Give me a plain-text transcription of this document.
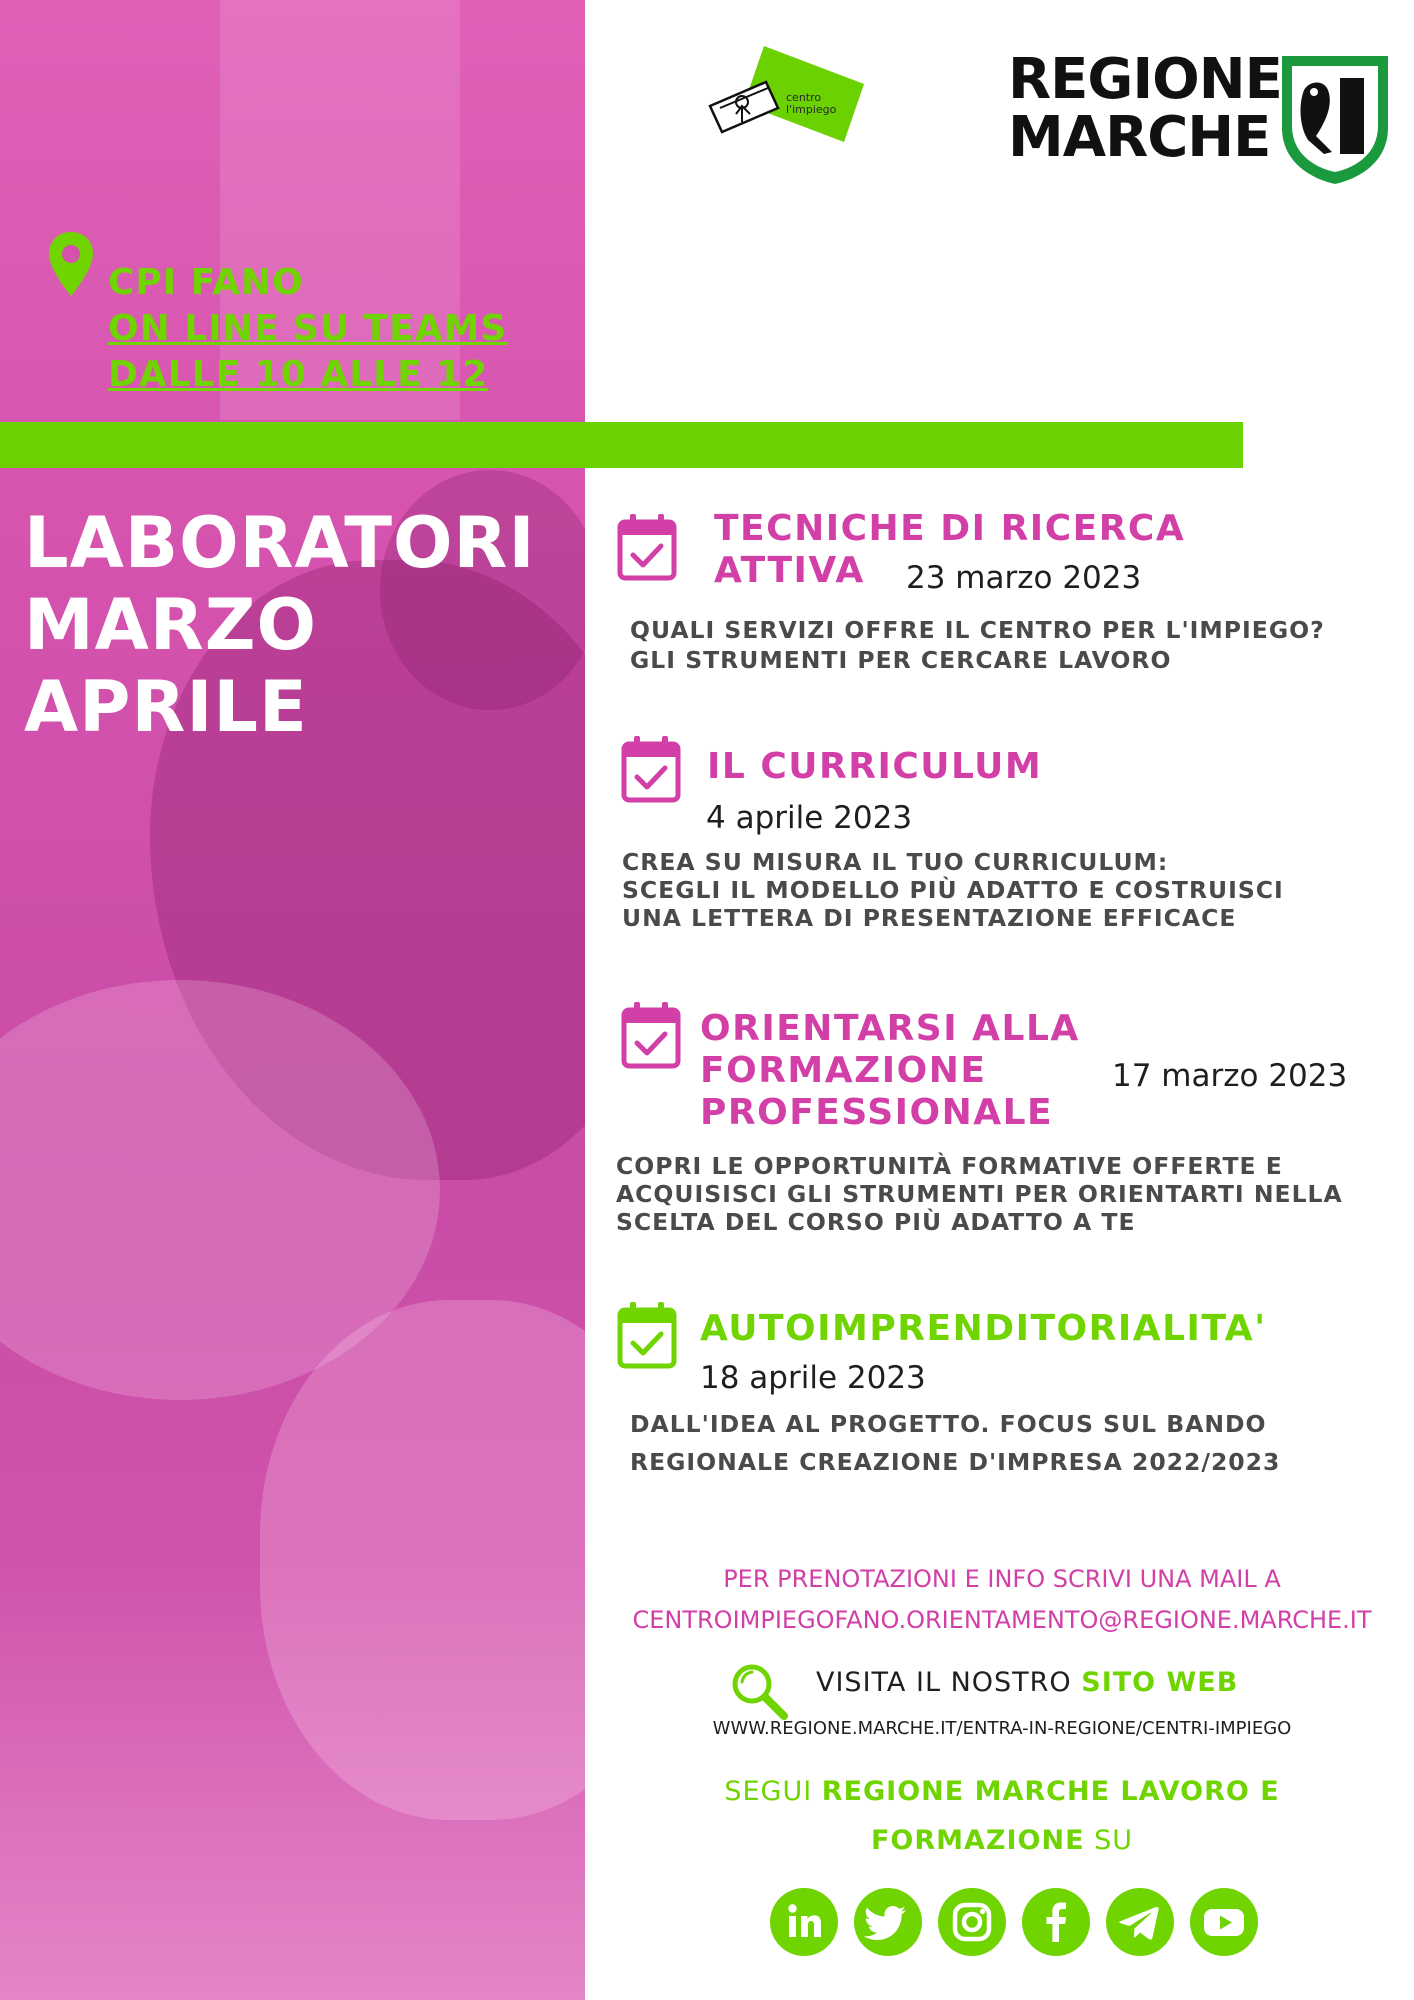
CPI FANO

ON LINE SU TEAMS

DALLE 10 ALLE 12

LABORATORI
MARZO
APRILE
centro
l'impiego	REGIONE
MARCHE

TECNICHE DI RICERCA

ATTIVA 23 marzo 2023

QUALI SERVIZI OFFRE IL CENTRO PER L'IMPIEGO?

GLI STRUMENTI PER CERCARE LAVORO

IL CURRICULUM

4 aprile 2023

CREA SU MISURA IL TUO CURRICULUM:

SCEGLI IL MODELLO PIÙ ADATTO E COSTRUISCI

UNA LETTERA DI PRESENTAZIONE EFFICACE

ORIENTARSI ALLA

FORMAZIONE

PROFESSIONALE

17 marzo 2023

COPRI LE OPPORTUNITÀ FORMATIVE OFFERTE E

ACQUISISCI GLI STRUMENTI PER ORIENTARTI NELLA

SCELTA DEL CORSO PIÙ ADATTO A TE

AUTOIMPRENDITORIALITA'

18 aprile 2023

DALL'IDEA AL PROGETTO. FOCUS SUL BANDO

REGIONALE CREAZIONE D'IMPRESA 2022/2023

PER PRENOTAZIONI E INFO SCRIVI UNA MAIL A

CENTROIMPIEGOFANO.ORIENTAMENTO@REGIONE.MARCHE.IT

VISITA IL NOSTRO SITO WEB

WWW.REGIONE.MARCHE.IT/ENTRA-IN-REGIONE/CENTRI-IMPIEGO

SEGUI REGIONE MARCHE LAVORO E

FORMAZIONE SU
